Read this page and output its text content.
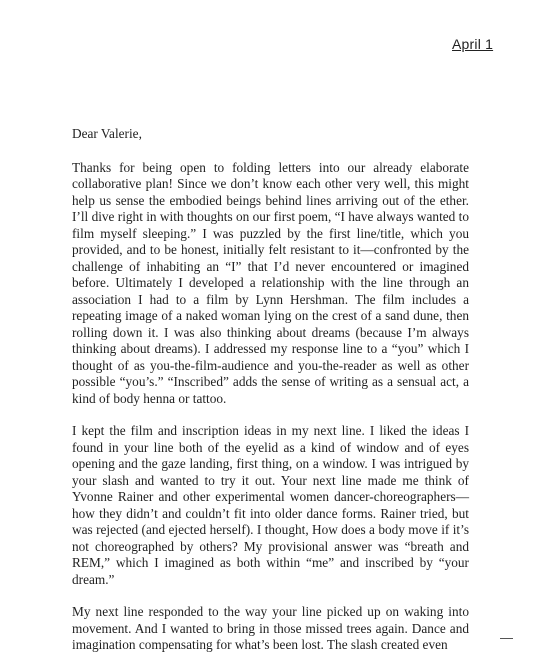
April 1

Dear Valerie,

Thanks for being open to folding letters into our already elaborate collaborative plan! Since we don’t know each other very well, this might help us sense the embodied beings behind lines arriving out of the ether. I’ll dive right in with thoughts on our first poem, “I have always wanted to film myself sleeping.” I was puzzled by the first line/title, which you provided, and to be honest, initially felt resistant to it—confronted by the challenge of inhabiting an “I” that I’d never encountered or imagined before. Ultimately I developed a relationship with the line through an association I had to a film by Lynn Hershman. The film includes a repeating image of a naked woman lying on the crest of a sand dune, then rolling down it. I was also thinking about dreams (because I’m always thinking about dreams). I addressed my response line to a “you” which I thought of as you-the-film-audience and you-the-reader as well as other possible “you’s.” “Inscribed” adds the sense of writing as a sensual act, a kind of body henna or tattoo.

I kept the film and inscription ideas in my next line. I liked the ideas I found in your line both of the eyelid as a kind of window and of eyes opening and the gaze landing, first thing, on a window. I was intrigued by your slash and wanted to try it out. Your next line made me think of Yvonne Rainer and other experimental women dancer-choreographers—how they didn’t and couldn’t fit into older dance forms. Rainer tried, but was rejected (and ejected herself). I thought, How does a body move if it’s not choreographed by others? My provisional answer was “breath and REM,” which I imagined as both within “me” and inscribed by “your dream.”

My next line responded to the way your line picked up on waking into movement. And I wanted to bring in those missed trees again. Dance and imagination compensating for what’s been lost. The slash created even
